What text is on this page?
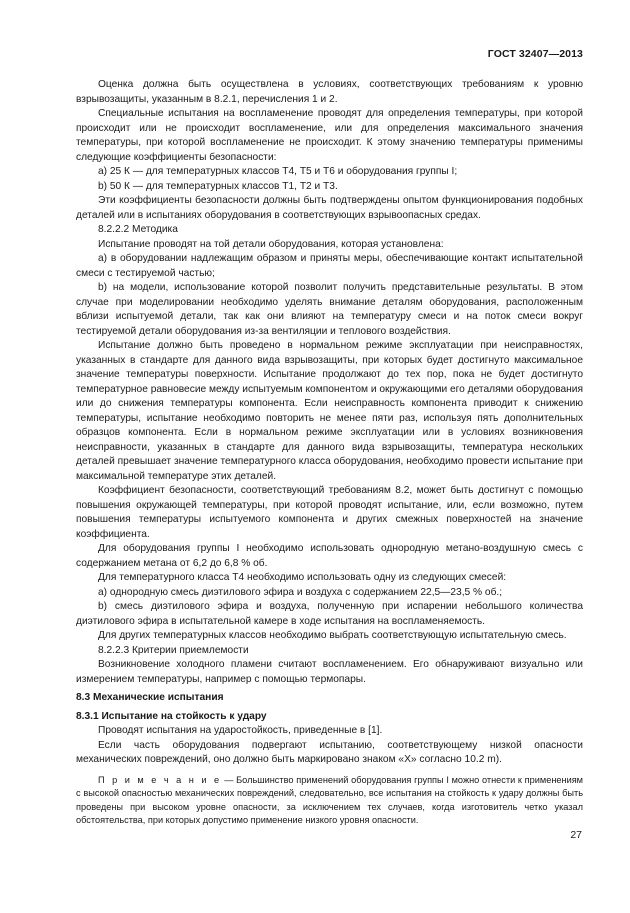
ГОСТ 32407—2013

Оценка должна быть осуществлена в условиях, соответствующих требованиям к уровню взрывозащиты, указанным в 8.2.1, перечисления 1 и 2.

Специальные испытания на воспламенение проводят для определения температуры, при которой происходит или не происходит воспламенение, или для определения максимального значения температуры, при которой воспламенение не происходит. К этому значению температуры применимы следующие коэффициенты безопасности:

а) 25 К — для температурных классов Т4, Т5 и Т6 и оборудования группы I;

b) 50 К — для температурных классов Т1, Т2 и Т3.

Эти коэффициенты безопасности должны быть подтверждены опытом функционирования подобных деталей или в испытаниях оборудования в соответствующих взрывоопасных средах.

8.2.2.2 Методика

Испытание проводят на той детали оборудования, которая установлена:

а) в оборудовании надлежащим образом и приняты меры, обеспечивающие контакт испытательной смеси с тестируемой частью;

b) на модели, использование которой позволит получить представительные результаты. В этом случае при моделировании необходимо уделять внимание деталям оборудования, расположенным вблизи испытуемой детали, так как они влияют на температуру смеси и на поток смеси вокруг тестируемой детали оборудования из-за вентиляции и теплового воздействия.

Испытание должно быть проведено в нормальном режиме эксплуатации при неисправностях, указанных в стандарте для данного вида взрывозащиты, при которых будет достигнуто максимальное значение температуры поверхности. Испытание продолжают до тех пор, пока не будет достигнуто температурное равновесие между испытуемым компонентом и окружающими его деталями оборудования или до снижения температуры компонента. Если неисправность компонента приводит к снижению температуры, испытание необходимо повторить не менее пяти раз, используя пять дополнительных образцов компонента. Если в нормальном режиме эксплуатации или в условиях возникновения неисправности, указанных в стандарте для данного вида взрывозащиты, температура нескольких деталей превышает значение температурного класса оборудования, необходимо провести испытание при максимальной температуре этих деталей.

Коэффициент безопасности, соответствующий требованиям 8.2, может быть достигнут с помощью повышения окружающей температуры, при которой проводят испытание, или, если возможно, путем повышения температуры испытуемого компонента и других смежных поверхностей на значение коэффициента.

Для оборудования группы I необходимо использовать однородную метано-воздушную смесь с содержанием метана от 6,2 до 6,8 % об.

Для температурного класса Т4 необходимо использовать одну из следующих смесей:

а) однородную смесь диэтилового эфира и воздуха с содержанием 22,5—23,5 % об.;

b) смесь диэтилового эфира и воздуха, полученную при испарении небольшого количества диэтилового эфира в испытательной камере в ходе испытания на воспламеняемость.

Для других температурных классов необходимо выбрать соответствующую испытательную смесь.

8.2.2.3 Критерии приемлемости

Возникновение холодного пламени считают воспламенением. Его обнаруживают визуально или измерением температуры, например с помощью термопары.

8.3 Механические испытания

8.3.1 Испытание на стойкость к удару

Проводят испытания на ударостойкость, приведенные в [1].

Если часть оборудования подвергают испытанию, соответствующему низкой опасности механических повреждений, оно должно быть маркировано знаком «X» согласно 10.2 m).

П р и м е ч а н и е — Большинство применений оборудования группы I можно отнести к применениям с высокой опасностью механических повреждений, следовательно, все испытания на стойкость к удару должны быть проведены при высоком уровне опасности, за исключением тех случаев, когда изготовитель четко указал обстоятельства, при которых допустимо применение низкого уровня опасности.

27
